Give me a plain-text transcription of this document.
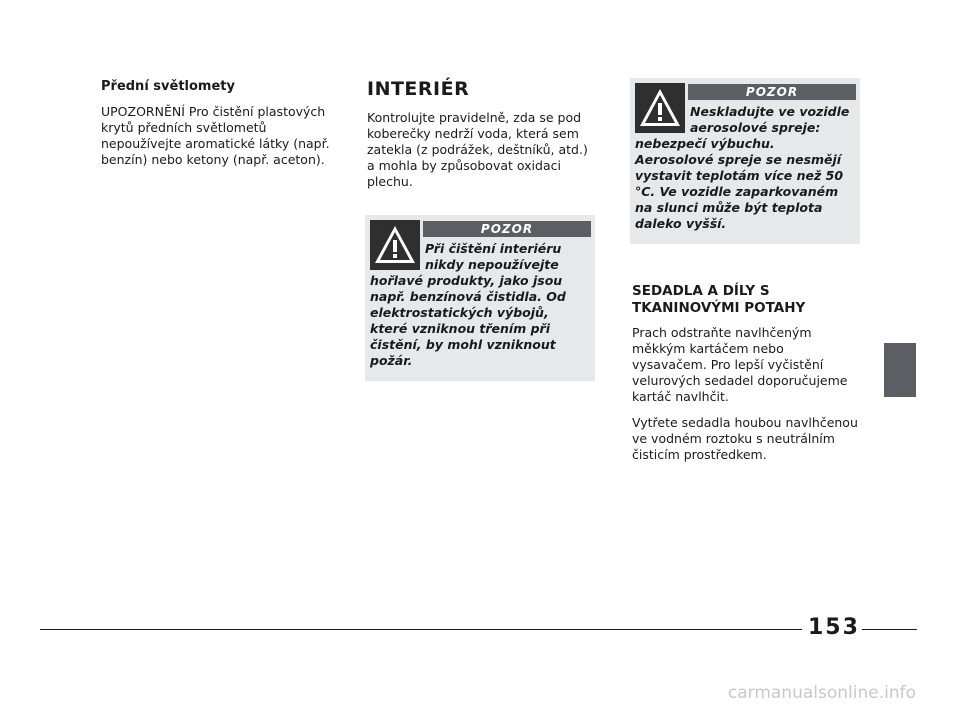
Přední světlomety

UPOZORNĚNÍ Pro čistění plastových krytů předních světlometů nepoužívejte aromatické látky (např. benzín) nebo ketony (např. aceton).

INTERIÉR

Kontrolujte pravidelně, zda se pod koberečky nedrží voda, která sem zatekla (z podrážek, deštníků, atd.) a mohla by způsobovat oxidaci plechu.

POZOR
Při čištění interiéru nikdy nepoužívejte
hořlavé produkty, jako jsou např. benzínová čistidla. Od elektrostatických výbojů, které vzniknou třením při čistění, by mohl vzniknout požár.
POZOR
Neskladujte ve vozidle aerosolové spreje:
nebezpečí výbuchu. Aerosolové spreje se nesmějí vystavit teplotám více než 50 °C. Ve vozidle zaparkovaném na slunci může být teplota daleko vyšší.

SEDADLA A DÍLY S TKANINOVÝMI POTAHY

Prach odstraňte navlhčeným měkkým kartáčem nebo vysavačem. Pro lepší vyčistění velurových sedadel doporučujeme kartáč navlhčit.

Vytřete sedadla houbou navlhčenou ve vodném roztoku s neutrálním čisticím prostředkem.

153
carmanualsonline.info
